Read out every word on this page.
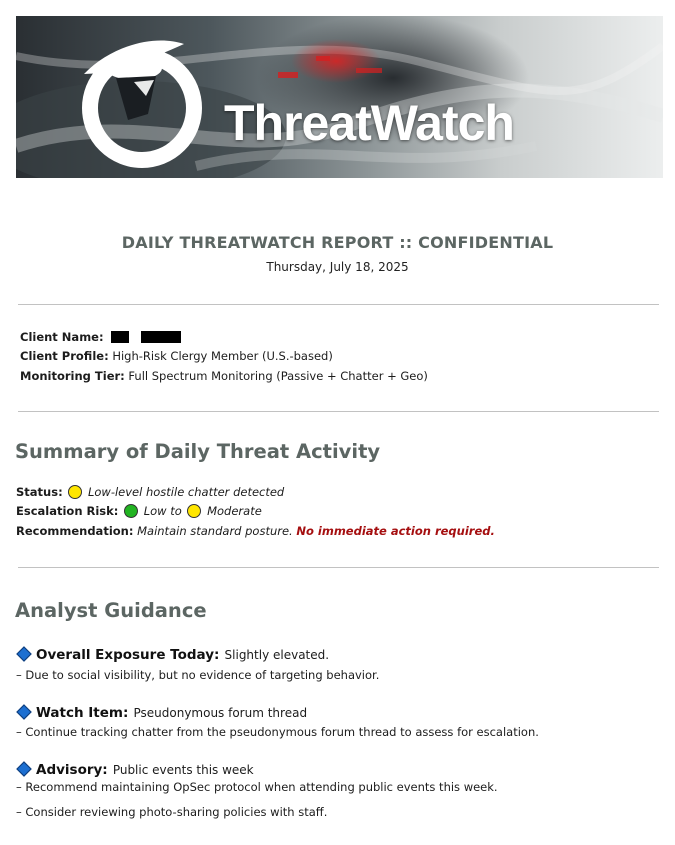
ThreatWatch
DAILY THREATWATCH REPORT :: CONFIDENTIAL
Thursday, July 18, 2025
Client Name:
Client Profile: High-Risk Clergy Member (U.S.-based)
Monitoring Tier: Full Spectrum Monitoring (Passive + Chatter + Geo)
Summary of Daily Threat Activity
Status: Low-level hostile chatter detected
Escalation Risk: Low to Moderate
Recommendation: Maintain standard posture. No immediate action required.
Analyst Guidance
Overall Exposure Today: Slightly elevated.
– Due to social visibility, but no evidence of targeting behavior.
Watch Item: Pseudonymous forum thread
– Continue tracking chatter from the pseudonymous forum thread to assess for escalation.
Advisory: Public events this week
– Recommend maintaining OpSec protocol when attending public events this week.
– Consider reviewing photo-sharing policies with staff.
